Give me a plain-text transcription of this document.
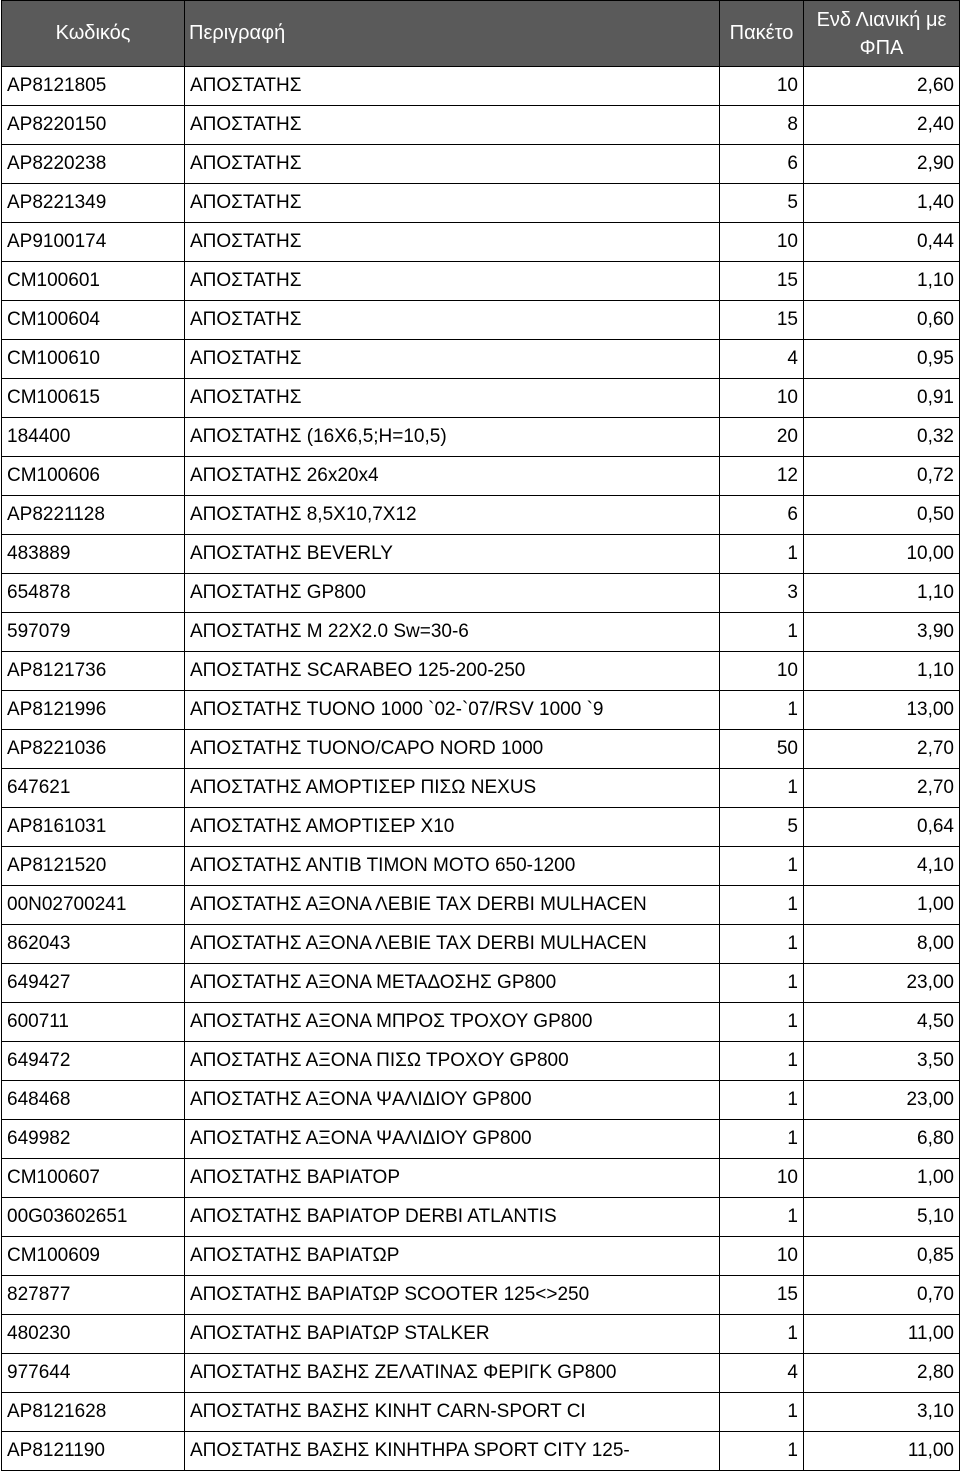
Κωδικός	Περιγραφή	Πακέτο	Ενδ Λιανική με ΦΠΑ
AP8121805	ΑΠΟΣΤΑΤΗΣ	10	2,60
AP8220150	ΑΠΟΣΤΑΤΗΣ	8	2,40
AP8220238	ΑΠΟΣΤΑΤΗΣ	6	2,90
AP8221349	ΑΠΟΣΤΑΤΗΣ	5	1,40
AP9100174	ΑΠΟΣΤΑΤΗΣ	10	0,44
CM100601	ΑΠΟΣΤΑΤΗΣ	15	1,10
CM100604	ΑΠΟΣΤΑΤΗΣ	15	0,60
CM100610	ΑΠΟΣΤΑΤΗΣ	4	0,95
CM100615	ΑΠΟΣΤΑΤΗΣ	10	0,91
184400	ΑΠΟΣΤΑΤΗΣ (16Χ6,5;Η=10,5)	20	0,32
CM100606	ΑΠΟΣΤΑΤΗΣ 26x20x4	12	0,72
AP8221128	ΑΠΟΣΤΑΤΗΣ 8,5Χ10,7Χ12	6	0,50
483889	ΑΠΟΣΤΑΤΗΣ BEVERLY	1	10,00
654878	ΑΠΟΣΤΑΤΗΣ GP800	3	1,10
597079	ΑΠΟΣΤΑΤΗΣ M 22X2.0 Sw=30-6	1	3,90
AP8121736	ΑΠΟΣΤΑΤΗΣ SCARABEO 125-200-250	10	1,10
AP8121996	ΑΠΟΣΤΑΤΗΣ TUONO 1000 `02-`07/RSV 1000 `9	1	13,00
AP8221036	ΑΠΟΣΤΑΤΗΣ TUONO/CAPO NORD 1000	50	2,70
647621	ΑΠΟΣΤΑΤΗΣ ΑΜΟΡΤΙΣΕΡ ΠΙΣΩ NEXUS	1	2,70
AP8161031	ΑΠΟΣΤΑΤΗΣ ΑΜΟΡΤΙΣΕΡ Χ10	5	0,64
AP8121520	ΑΠΟΣΤΑΤΗΣ ΑΝΤΙΒ ΤΙΜΟΝ ΜΟΤΟ 650-1200	1	4,10
00N02700241	ΑΠΟΣΤΑΤΗΣ ΑΞΟΝΑ ΛΕΒΙΕ ΤΑΧ DERBI MULHACEN	1	1,00
862043	ΑΠΟΣΤΑΤΗΣ ΑΞΟΝΑ ΛΕΒΙΕ ΤΑΧ DERBI MULHACEN	1	8,00
649427	ΑΠΟΣΤΑΤΗΣ ΑΞΟΝΑ ΜΕΤΑΔΟΣΗΣ GP800	1	23,00
600711	ΑΠΟΣΤΑΤΗΣ ΑΞΟΝΑ ΜΠΡΟΣ ΤΡΟΧΟΥ GP800	1	4,50
649472	ΑΠΟΣΤΑΤΗΣ ΑΞΟΝΑ ΠΙΣΩ ΤΡΟΧΟΥ GP800	1	3,50
648468	ΑΠΟΣΤΑΤΗΣ ΑΞΟΝΑ ΨΑΛΙΔΙΟΥ GP800	1	23,00
649982	ΑΠΟΣΤΑΤΗΣ ΑΞΟΝΑ ΨΑΛΙΔΙΟΥ GP800	1	6,80
CM100607	ΑΠΟΣΤΑΤΗΣ ΒΑΡΙΑΤΟΡ	10	1,00
00G03602651	ΑΠΟΣΤΑΤΗΣ ΒΑΡΙΑΤΟΡ DERBI ATLANTIS	1	5,10
CM100609	ΑΠΟΣΤΑΤΗΣ ΒΑΡΙΑΤΩΡ	10	0,85
827877	ΑΠΟΣΤΑΤΗΣ ΒΑΡΙΑΤΩΡ SCOOTER 125<>250	15	0,70
480230	ΑΠΟΣΤΑΤΗΣ ΒΑΡΙΑΤΩΡ STALKER	1	11,00
977644	ΑΠΟΣΤΑΤΗΣ ΒΑΣΗΣ ΖΕΛΑΤΙΝΑΣ ΦΕΡΙΓΚ GP800	4	2,80
AP8121628	ΑΠΟΣΤΑΤΗΣ ΒΑΣΗΣ ΚΙΝΗΤ CARN-SPORT CI	1	3,10
AP8121190	ΑΠΟΣΤΑΤΗΣ ΒΑΣΗΣ ΚΙΝΗΤΗΡΑ SPORT CITY 125-	1	11,00
